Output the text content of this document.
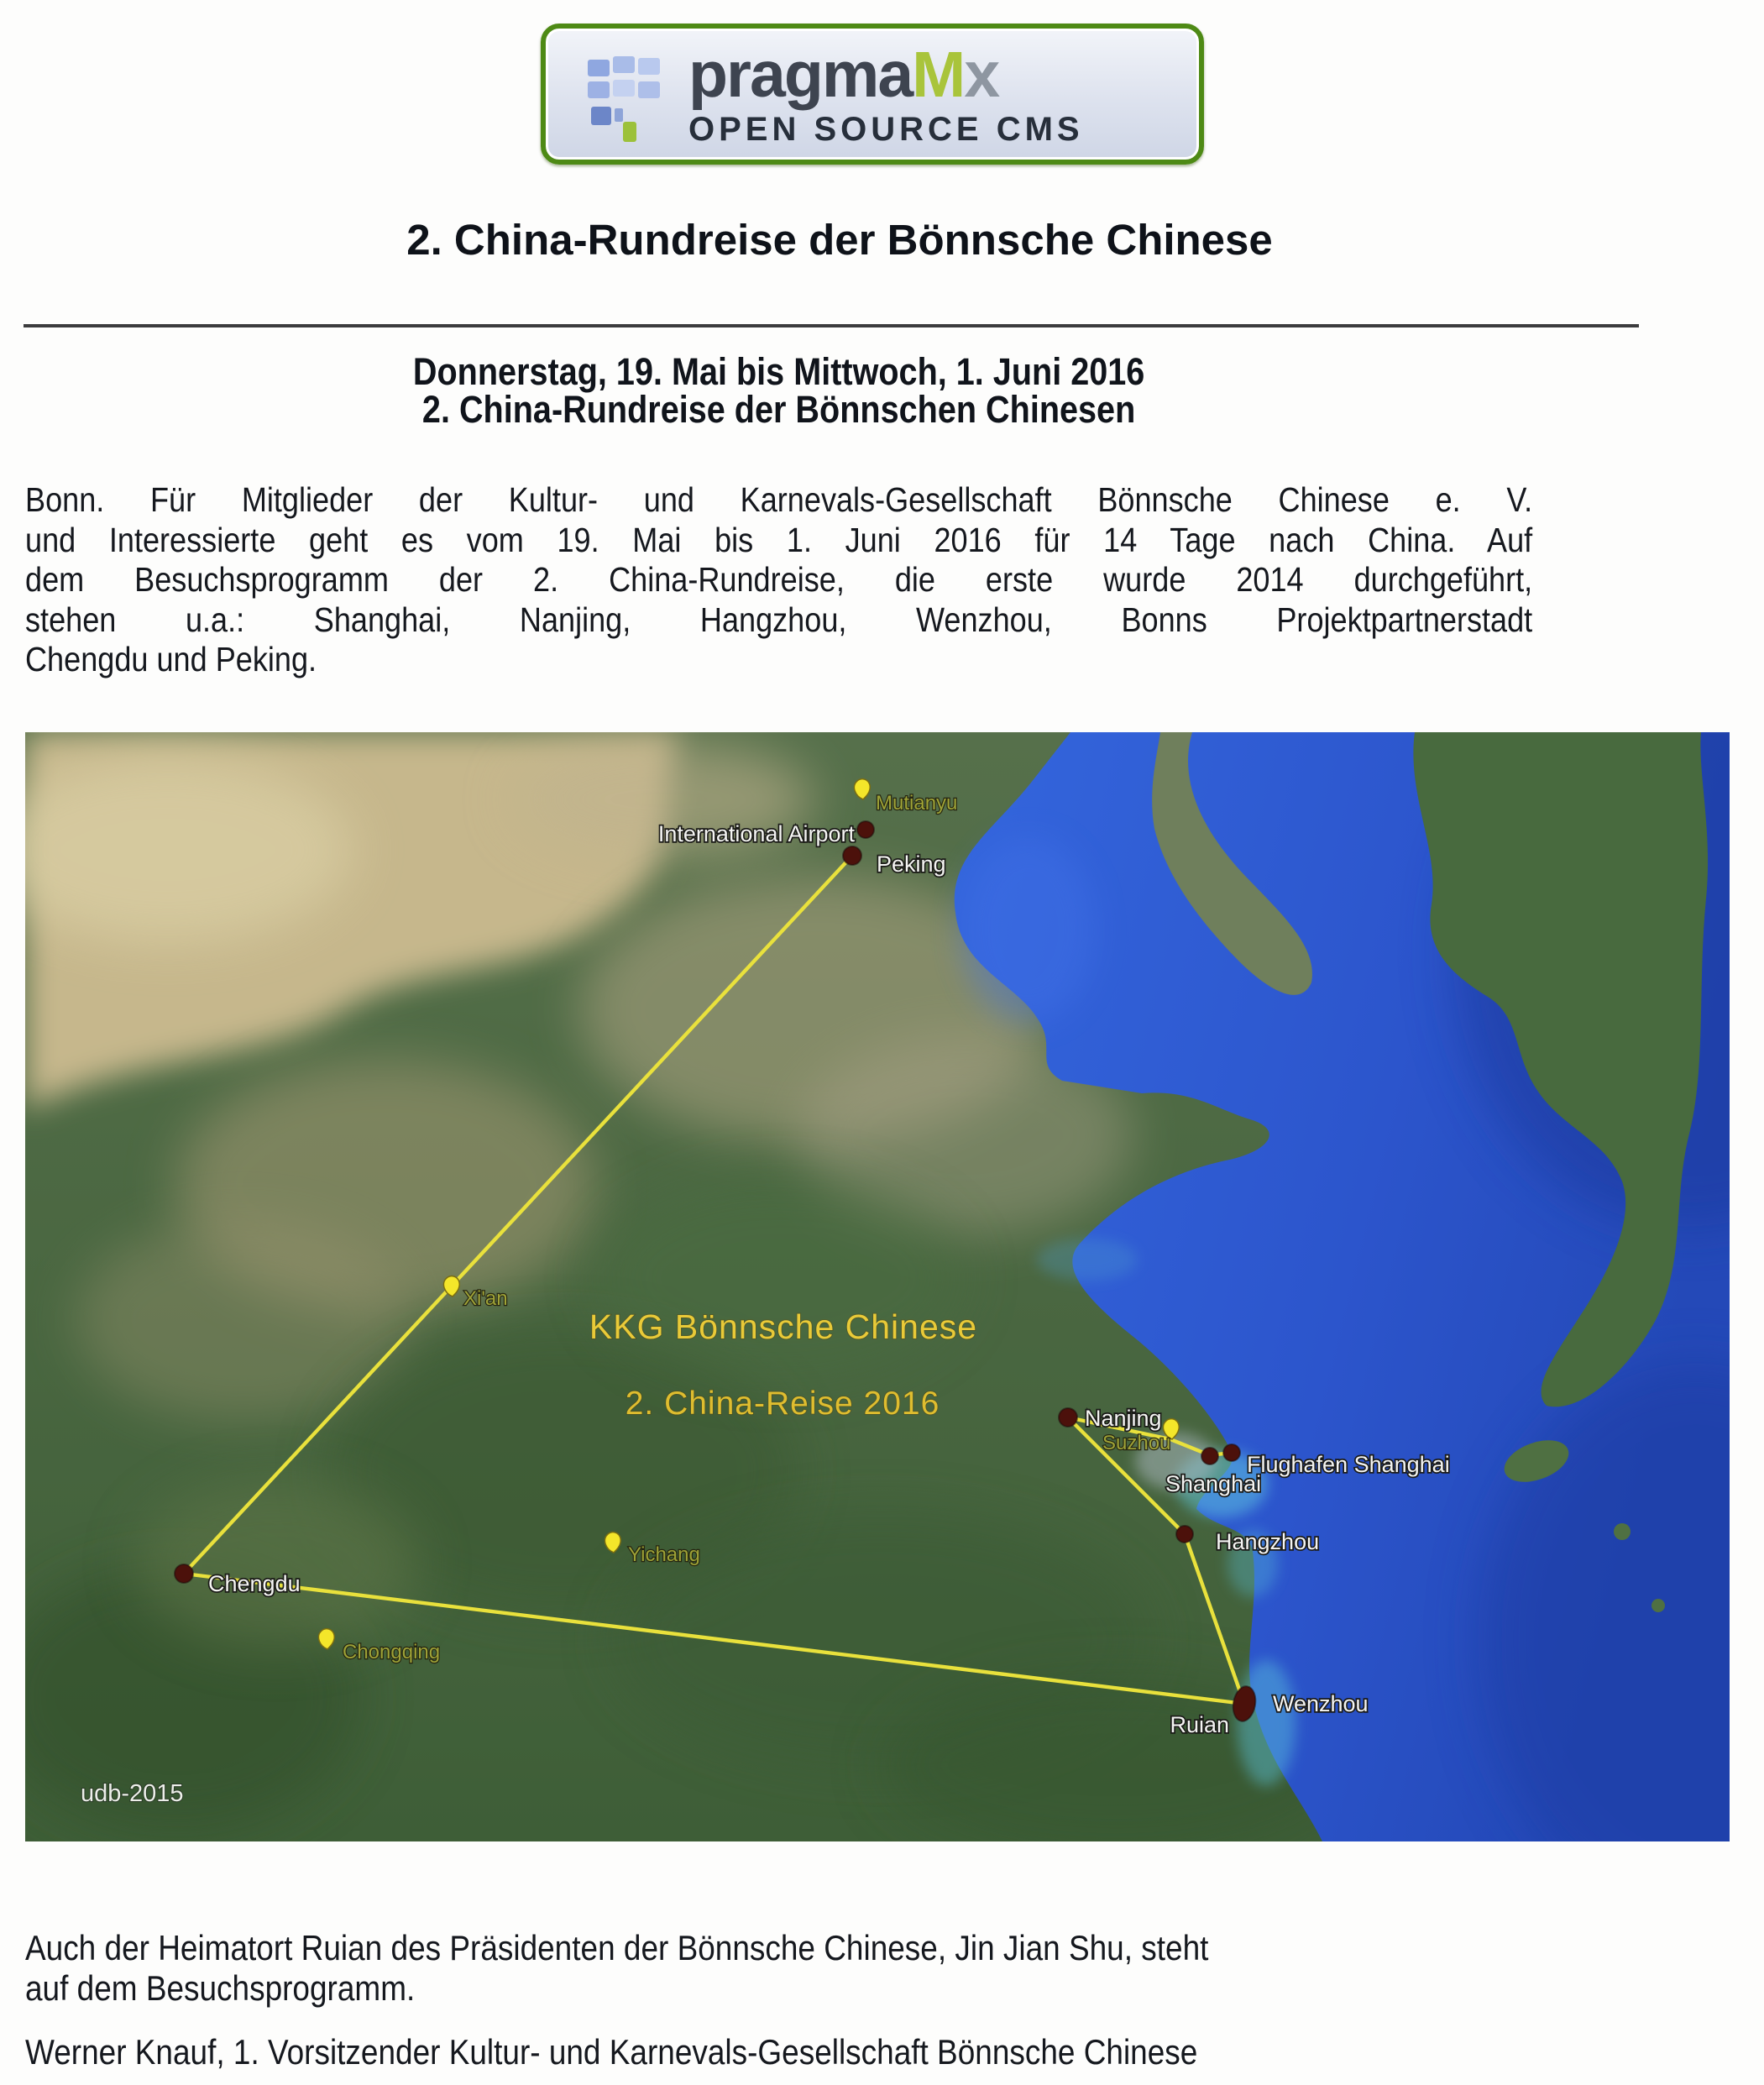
pragmaMx
OPEN SOURCE CMS
2. China-Rundreise der Bönnsche Chinese
Donnerstag, 19. Mai bis Mittwoch, 1. Juni 2016
2. China-Rundreise der Bönnschen Chinesen
Bonn. Für Mitglieder der Kultur- und Karnevals-Gesellschaft Bönnsche Chinese e. V.
und Interessierte geht es vom 19. Mai bis 1. Juni 2016 für 14 Tage nach China. Auf
dem Besuchsprogramm der 2. China-Rundreise, die erste wurde 2014 durchgeführt,
stehen u.a.: Shanghai, Nanjing, Hangzhou, Wenzhou, Bonns Projektpartnerstadt
Chengdu und Peking.
Mutianyu
International Airport
Peking
Xi'an
KKG Bönnsche Chinese
2. China-Reise 2016	Nanjing
Suzhou
Flughafen Shanghai
Shanghai
Hangzhou
Yichang
Chengdu
Chongqing
Ruian
Wenzhou
udb-2015
Auch der Heimatort Ruian des Präsidenten der Bönnsche Chinese, Jin Jian Shu, steht
auf dem Besuchsprogramm.
Werner Knauf, 1. Vorsitzender Kultur- und Karnevals-Gesellschaft Bönnsche Chinese
